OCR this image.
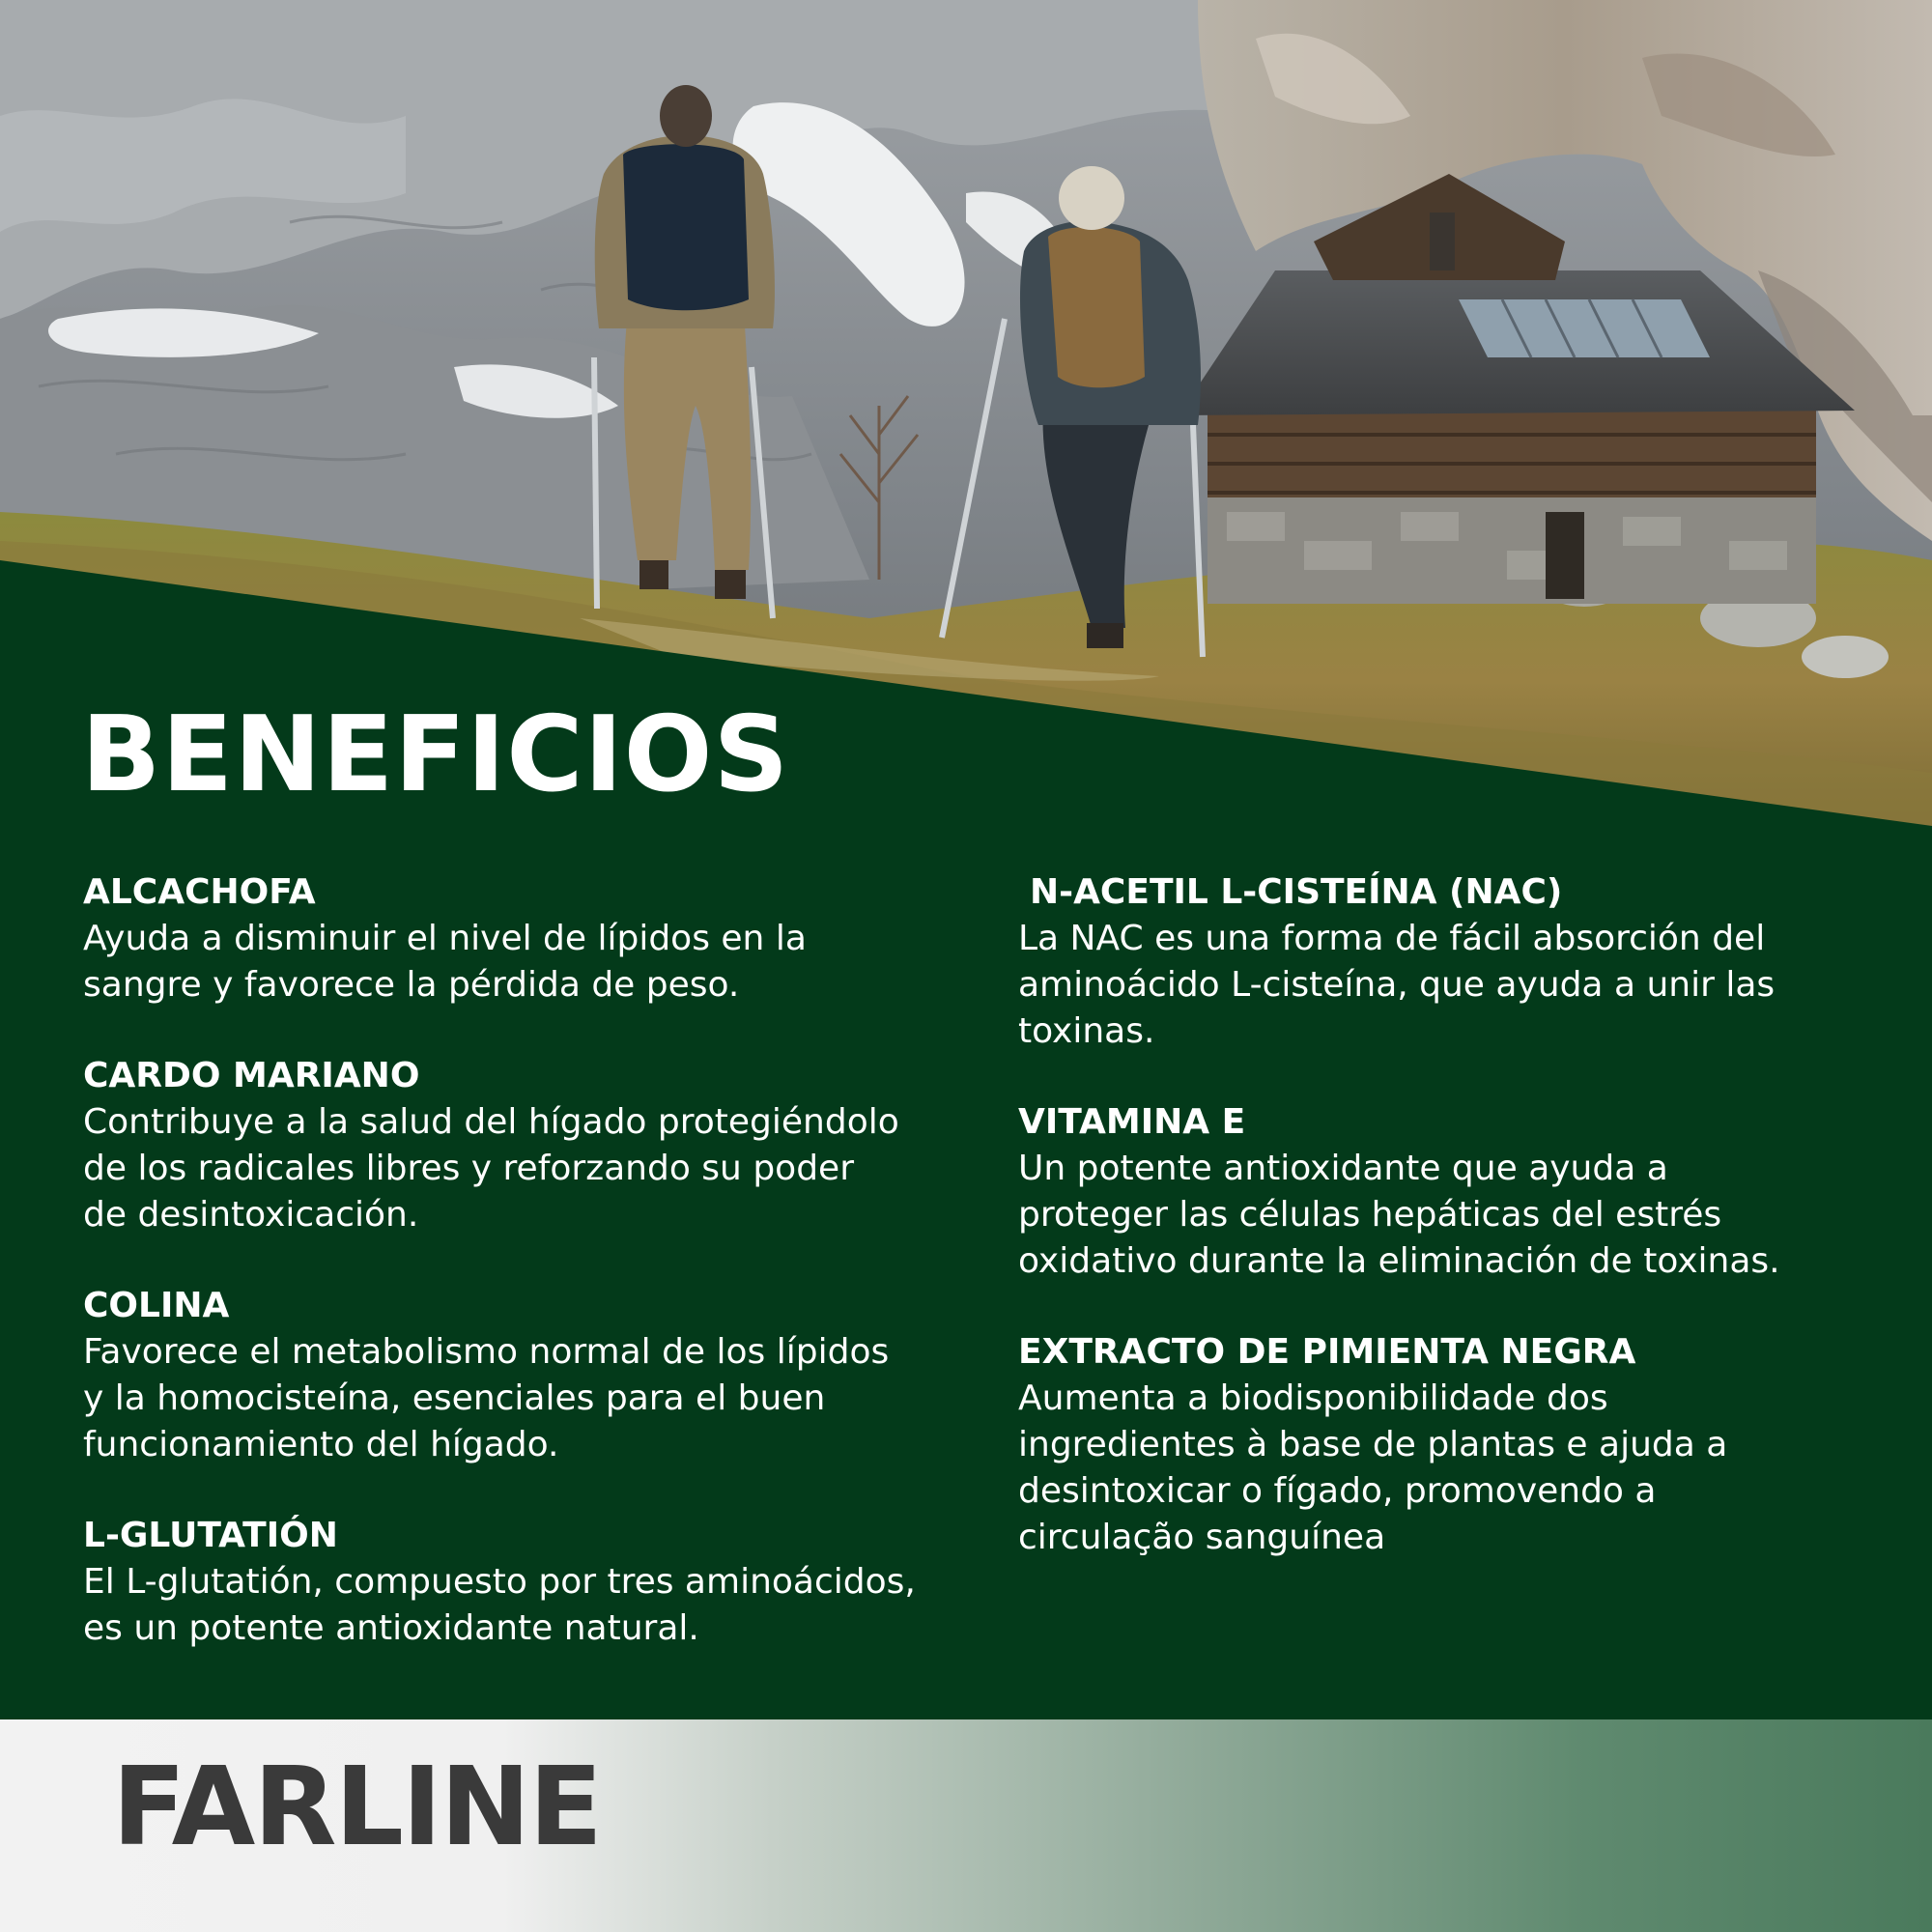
BENEFICIOS
ALCACHOFA
Ayuda a disminuir el nivel de lípidos en la
sangre y favorece la pérdida de peso.
CARDO MARIANO
Contribuye a la salud del hígado protegiéndolo
de los radicales libres y reforzando su poder
de desintoxicación.
COLINA
Favorece el metabolismo normal de los lípidos
y la homocisteína, esenciales para el buen
funcionamiento del hígado.
L-GLUTATIÓN
El L-glutatión, compuesto por tres aminoácidos,
es un potente antioxidante natural.
N-ACETIL L-CISTEÍNA (NAC)
La NAC es una forma de fácil absorción del
aminoácido L-cisteína, que ayuda a unir las
toxinas.
VITAMINA E
Un potente antioxidante que ayuda a
proteger las células hepáticas del estrés
oxidativo durante la eliminación de toxinas.
EXTRACTO DE PIMIENTA NEGRA
Aumenta a biodisponibilidade dos
ingredientes à base de plantas e ajuda a
desintoxicar o fígado, promovendo a
circulação sanguínea
FARLINE
